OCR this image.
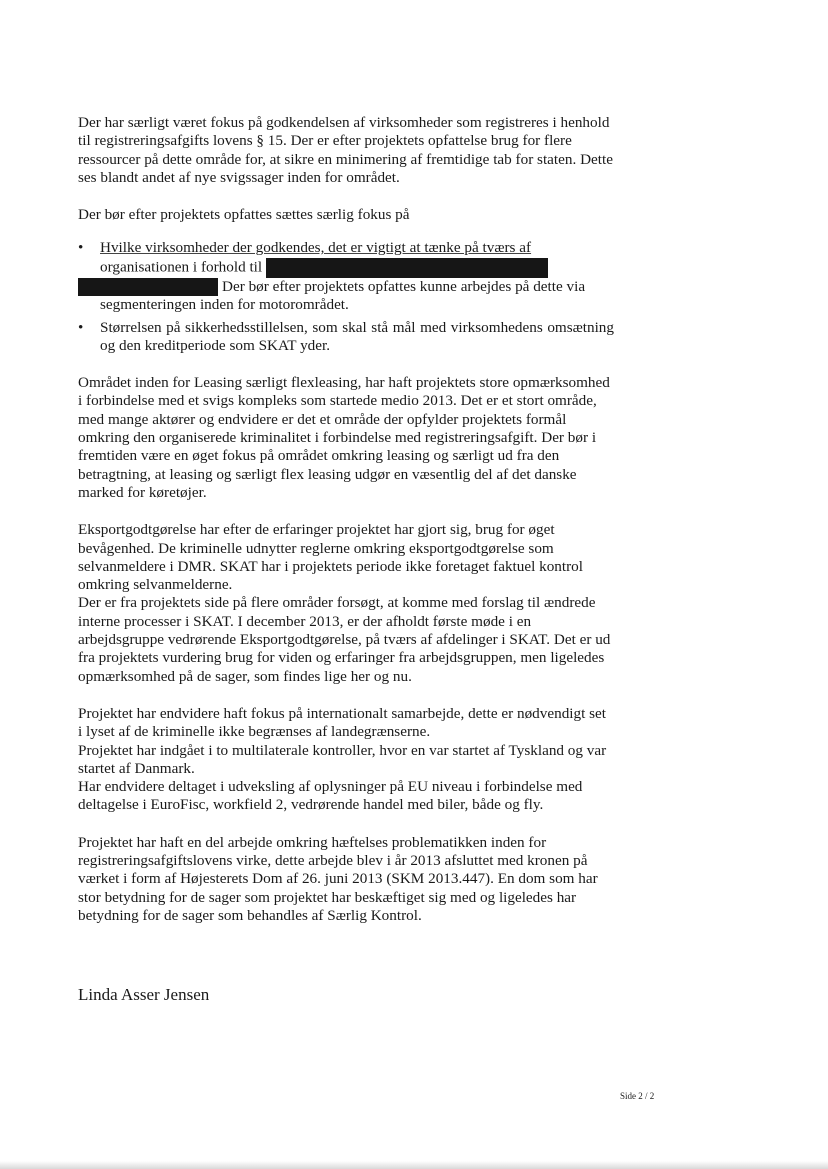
Der har særligt været fokus på godkendelsen af virksomheder som registreres i henhold til registreringsafgifts lovens § 15. Der er efter projektets opfattelse brug for flere ressourcer på dette område for, at sikre en minimering af fremtidige tab for staten. Dette ses blandt andet af nye svigssager inden for området.

Der bør efter projektets opfattes sættes særlig fokus på

• Hvilke virksomheder der godkendes, det er vigtigt at tænke på tværs af
organisationen i forhold til
Der bør efter projektets opfattes kunne arbejdes på dette via segmenteringen inden for motorområdet.
• Størrelsen på sikkerhedsstillelsen, som skal stå mål med virksomhedens omsætning og den kreditperiode som SKAT yder.

Området inden for Leasing særligt flexleasing, har haft projektets store opmærksomhed i forbindelse med et svigs kompleks som startede medio 2013. Det er et stort område, med mange aktører og endvidere er det et område der opfylder projektets formål omkring den organiserede kriminalitet i forbindelse med registreringsafgift. Der bør i fremtiden være en øget fokus på området omkring leasing og særligt ud fra den betragtning, at leasing og særligt flex leasing udgør en væsentlig del af det danske marked for køretøjer.

Eksportgodtgørelse har efter de erfaringer projektet har gjort sig, brug for øget bevågenhed. De kriminelle udnytter reglerne omkring eksportgodtgørelse som selvanmeldere i DMR. SKAT har i projektets periode ikke foretaget faktuel kontrol omkring selvanmelderne.

Der er fra projektets side på flere områder forsøgt, at komme med forslag til ændrede interne processer i SKAT. I december 2013, er der afholdt første møde i en arbejdsgruppe vedrørende Eksportgodtgørelse, på tværs af afdelinger i SKAT. Det er ud fra projektets vurdering brug for viden og erfaringer fra arbejdsgruppen, men ligeledes opmærksomhed på de sager, som findes lige her og nu.

Projektet har endvidere haft fokus på internationalt samarbejde, dette er nødvendigt set i lyset af de kriminelle ikke begrænses af landegrænserne.

Projektet har indgået i to multilaterale kontroller, hvor en var startet af Tyskland og var startet af Danmark.

Har endvidere deltaget i udveksling af oplysninger på EU niveau i forbindelse med deltagelse i EuroFisc, workfield 2, vedrørende handel med biler, både og fly.

Projektet har haft en del arbejde omkring hæftelses problematikken inden for registreringsafgiftslovens virke, dette arbejde blev i år 2013 afsluttet med kronen på værket i form af Højesterets Dom af 26. juni 2013 (SKM 2013.447). En dom som har stor betydning for de sager som projektet har beskæftiget sig med og ligeledes har betydning for de sager som behandles af Særlig Kontrol.

Linda Asser Jensen
Side 2 / 2
